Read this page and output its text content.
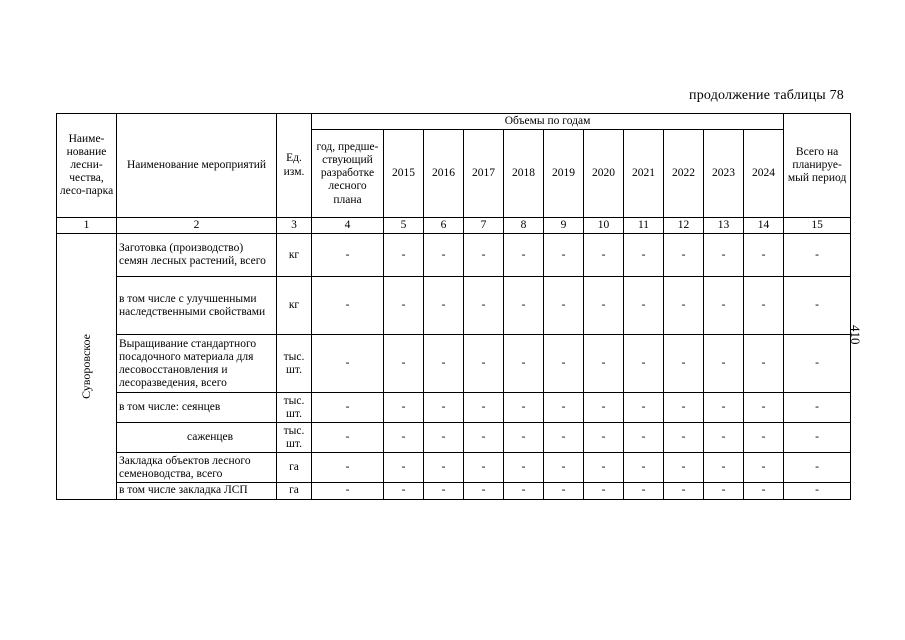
продолжение таблицы 78
410
Наиме-нование лесни-чества, лесо-парка	Наименование мероприятий	Ед. изм.	Объемы по годам											Всего на планируе-мый период
			год, предше-ствующий разработке лесного плана	2015	2016	2017	2018	2019	2020	2021	2022	2023	2024	
1	2	3	4	5	6	7	8	9	10	11	12	13	14	15

Суворовское	Заготовка (производство) семян лесных растений, всего	кг	-	-	-	-	-	-	-	-	-	-	-	-
	в том числе с улучшенными наследственными свойствами	кг	-	-	-	-	-	-	-	-	-	-	-	-
	Выращивание стандартного посадочного материала для лесовосстановления и лесоразведения, всего	тыс. шт.	-	-	-	-	-	-	-	-	-	-	-	-
	в том числе: сеянцев	тыс. шт.	-	-	-	-	-	-	-	-	-	-	-	-
	саженцев	тыс. шт.	-	-	-	-	-	-	-	-	-	-	-	-
	Закладка объектов лесного семеноводства, всего	га	-	-	-	-	-	-	-	-	-	-	-	-
	в том числе закладка ЛСП	га	-	-	-	-	-	-	-	-	-	-	-	-
